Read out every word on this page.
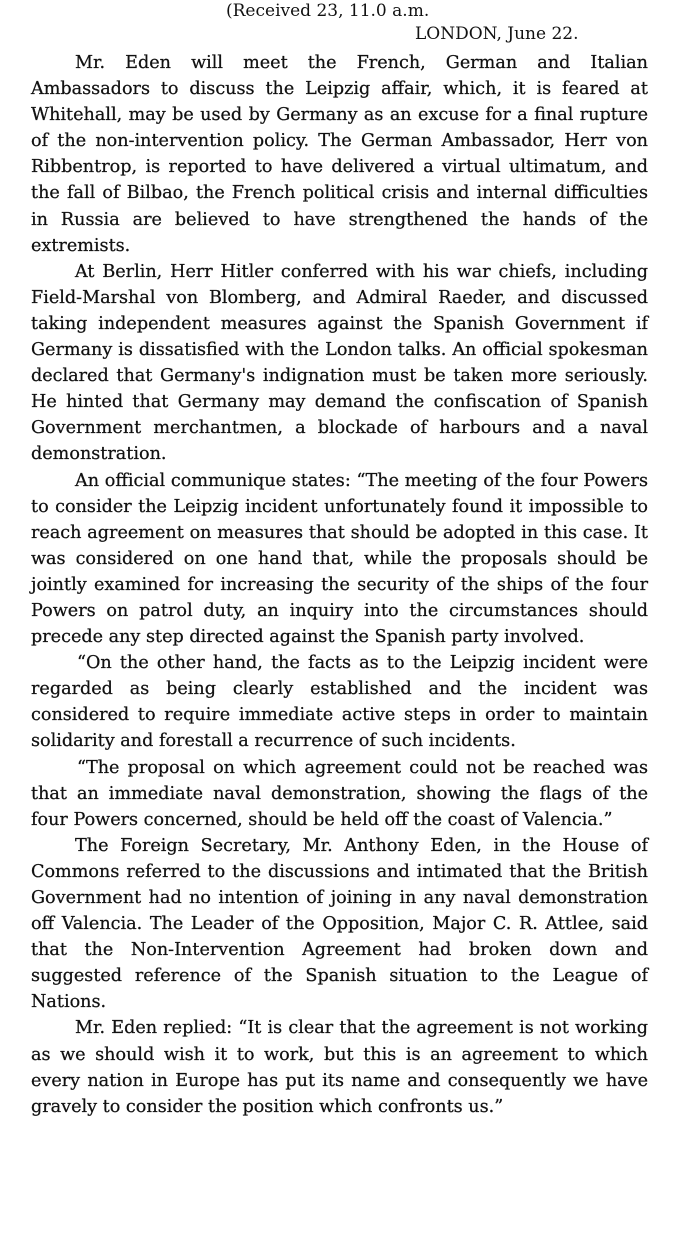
(Received 23, 11.0 a.m.

LONDON, June 22.

Mr. Eden will meet the French, German and Italian Ambassadors to discuss the Leipzig affair, which, it is feared at Whitehall, may be used by Germany as an excuse for a final rupture of the non-intervention policy. The German Ambassador, Herr von Ribbentrop, is reported to have delivered a virtual ultimatum, and the fall of Bilbao, the French political crisis and internal difficulties in Russia are believed to have strengthened the hands of the extremists.

At Berlin, Herr Hitler conferred with his war chiefs, including Field-Marshal von Blomberg, and Admiral Raeder, and discussed taking independent measures against the Spanish Government if Germany is dissatisfied with the London talks. An official spokesman declared that Germany's indignation must be taken more seriously. He hinted that Germany may demand the confiscation of Spanish Government merchantmen, a blockade of harbours and a naval demonstration.

An official communique states: “The meeting of the four Powers to consider the Leipzig incident unfortunately found it impossible to reach agreement on measures that should be adopted in this case. It was considered on one hand that, while the proposals should be jointly examined for increasing the security of the ships of the four Powers on patrol duty, an inquiry into the circumstances should precede any step directed against the Spanish party involved.

“On the other hand, the facts as to the Leipzig incident were regarded as being clearly established and the incident was considered to require immediate active steps in order to maintain solidarity and forestall a recurrence of such incidents.

“The proposal on which agreement could not be reached was that an immediate naval demonstration, showing the flags of the four Powers concerned, should be held off the coast of Valencia.”

The Foreign Secretary, Mr. Anthony Eden, in the House of Commons referred to the discussions and intimated that the British Government had no intention of joining in any naval demonstration off Valencia. The Leader of the Opposition, Major C. R. Attlee, said that the Non-Intervention Agreement had broken down and suggested reference of the Spanish situation to the League of Nations.

Mr. Eden replied: “It is clear that the agreement is not working as we should wish it to work, but this is an agreement to which every nation in Europe has put its name and consequently we have gravely to consider the position which confronts us.”
